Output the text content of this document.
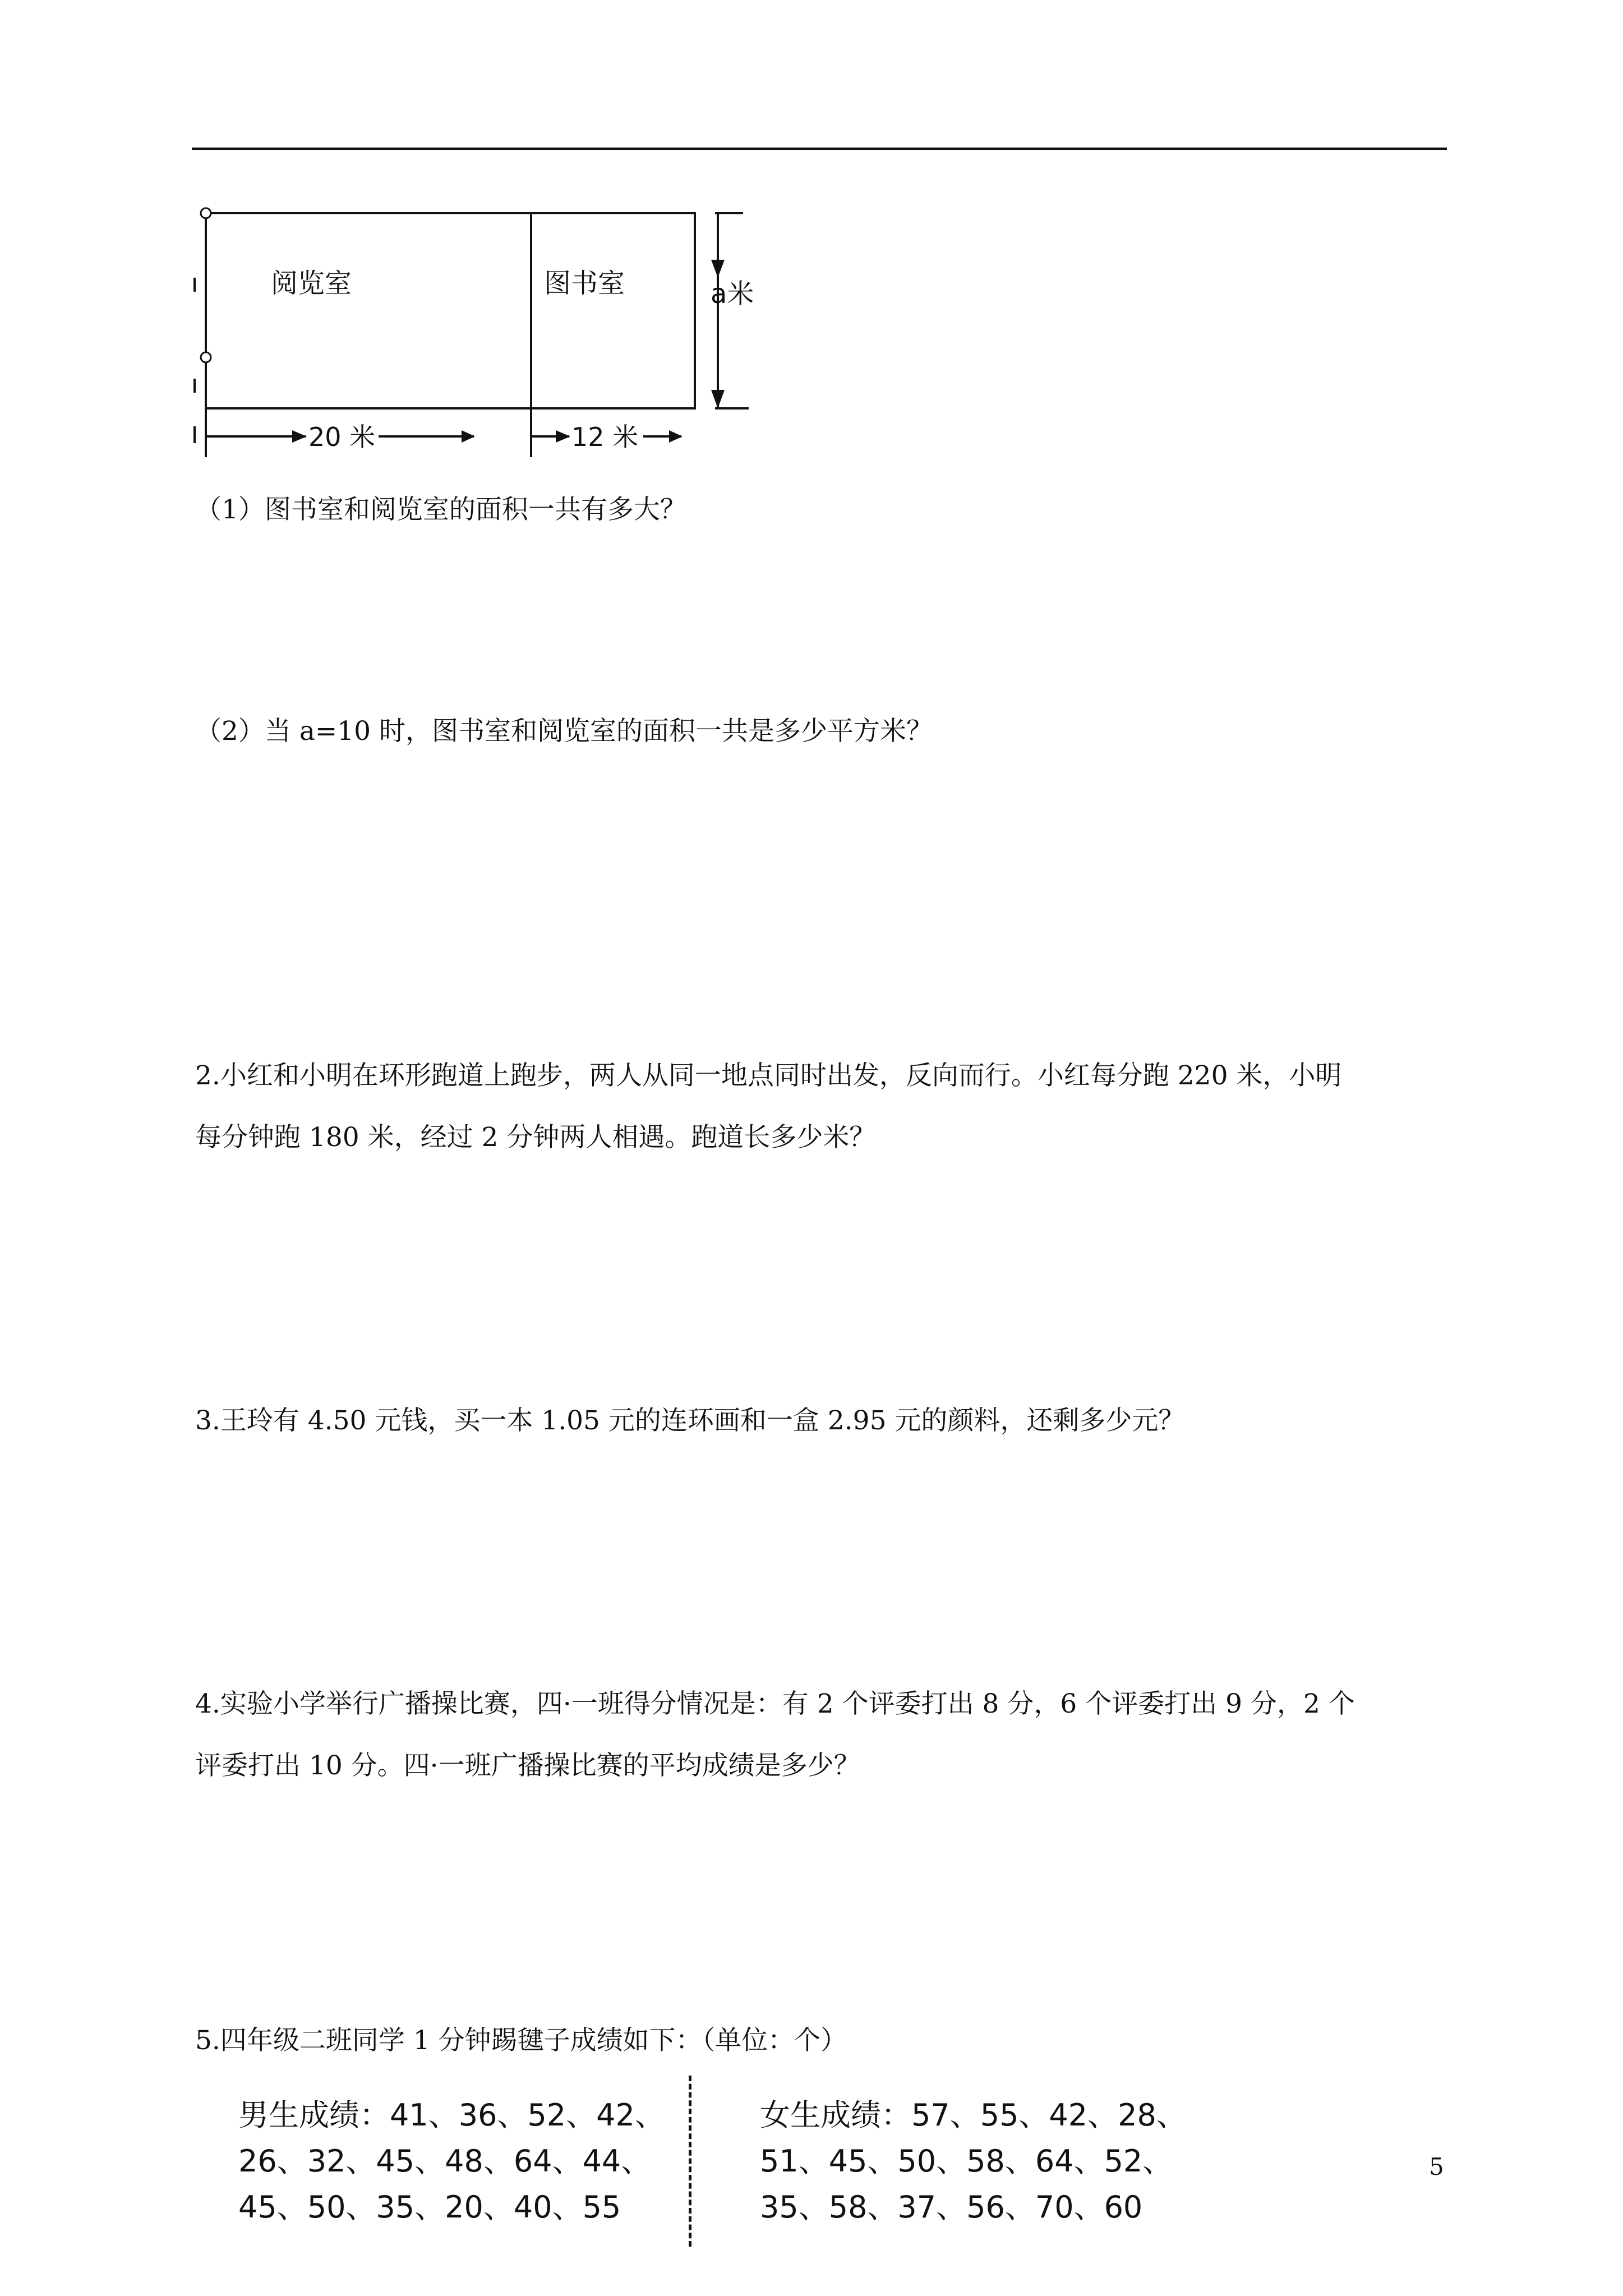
阅览室	图书室	a米
20 米	12 米
（1）图书室和阅览室的面积一共有多大？
（2）当 a=10 时，图书室和阅览室的面积一共是多少平方米？
2.小红和小明在环形跑道上跑步，两人从同一地点同时出发，反向而行。小红每分跑 220 米，小明
每分钟跑 180 米，经过 2 分钟两人相遇。跑道长多少米？
3.王玲有 4.50 元钱，买一本 1.05 元的连环画和一盒 2.95 元的颜料，还剩多少元？
4.实验小学举行广播操比赛，四·一班得分情况是：有 2 个评委打出 8 分，6 个评委打出 9 分，2 个
评委打出 10 分。四·一班广播操比赛的平均成绩是多少？
5.四年级二班同学 1 分钟踢毽子成绩如下：（单位：个）
男生成绩：41、36、52、42、
26、32、45、48、64、44、
45、50、35、20、40、55
女生成绩：57、55、42、28、
51、45、50、58、64、52、
35、58、37、56、70、60
5
